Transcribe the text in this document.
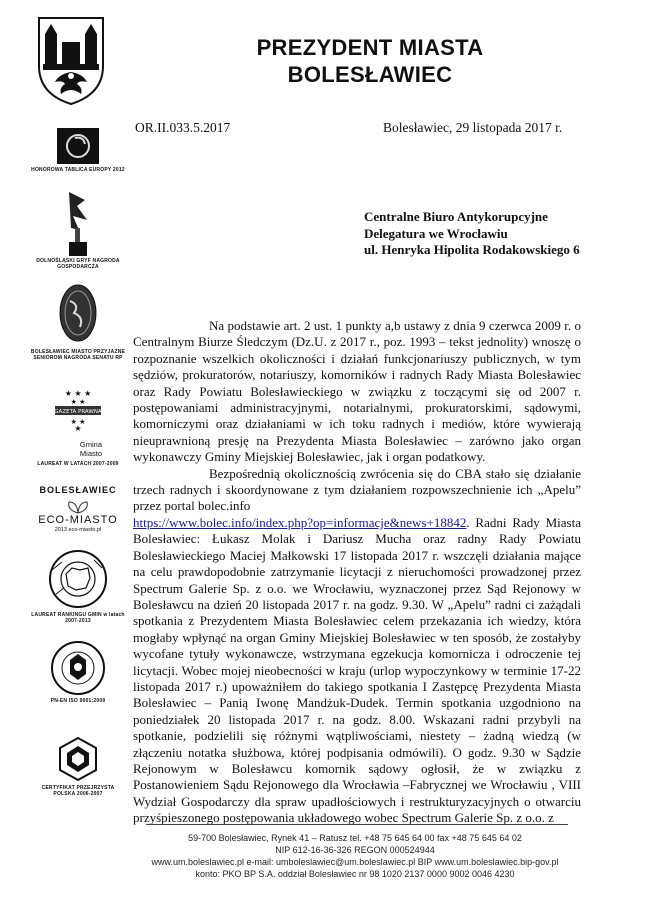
PREZYDENT MIASTA
BOLESŁAWIEC
OR.II.033.5.2017	Bolesławiec, 29 listopada 2017 r.
HONOROWA TABLICA EUROPY 2012
DOLNOŚLĄSKI GRYF NAGRODA GOSPODARCZA
BOLESŁAWIEC MIASTO PRZYJAZNE SENIOROM NAGRODA SENATU RP
★ ★ ★
★ ★
GAZETA PRAWNA
★ ★
★
Gmina
Miasto
LAUREAT W LATACH 2007-2009
BOLESŁAWIEC
ECO-MIASTO
2013 eco-miasto.pl
LAUREAT RANKINGU GMIN w latach 2007-2013
PN-EN ISO 9001:2009
CERTYFIKAT PRZEJRZYSTA POLSKA 2006-2007
Centralne Biuro Antykorupcyjne
Delegatura we Wrocławiu
ul. Henryka Hipolita Rodakowskiego 6

Na podstawie art. 2 ust. 1 punkty a,b ustawy z dnia 9 czerwca 2009 r. o Centralnym Biurze Śledczym (Dz.U. z 2017 r., poz. 1993 – tekst jednolity) wnoszę o rozpoznanie wszelkich okoliczności i działań funkcjonariuszy publicznych, w tym sędziów, prokuratorów, notariuszy, komorników i radnych Rady Miasta Bolesławiec oraz Rady Powiatu Bolesławieckiego w związku z toczącymi się od 2007 r. postępowaniami administracyjnymi, notarialnymi, prokuratorskimi, sądowymi, komorniczymi oraz działaniami w ich toku radnych i mediów, które wywierają nieuprawnioną presję na Prezydenta Miasta Bolesławiec – zarówno jako organ wykonawczy Gminy Miejskiej Bolesławiec, jak i organ podatkowy.

Bezpośrednią okolicznością zwrócenia się do CBA stało się działanie trzech radnych i skoordynowane z tym działaniem rozpowszechnienie ich „Apelu” przez portal bolec.info

https://www.bolec.info/index.php?op=informacje&news+18842. Radni Rady Miasta Bolesławiec: Łukasz Molak i Dariusz Mucha oraz radny Rady Powiatu Bolesławieckiego Maciej Małkowski 17 listopada 2017 r. wszczęli działania mające na celu prawdopodobnie zatrzymanie licytacji z nieruchomości prowadzonej przez Spectrum Galerie Sp. z o.o. we Wrocławiu, wyznaczonej przez Sąd Rejonowy w Bolesławcu na dzień 20 listopada 2017 r. na godz. 9.30. W „Apelu” radni ci zażądali spotkania z Prezydentem Miasta Bolesławiec celem przekazania ich wiedzy, która mogłaby wpłynąć na organ Gminy Miejskiej Bolesławiec w ten sposób, że zostałyby wycofane tytuły wykonawcze, wstrzymana egzekucja komornicza i odroczenie tej licytacji. Wobec mojej nieobecności w kraju (urlop wypoczynkowy w terminie 17-22 listopada 2017 r.) upoważniłem do takiego spotkania I Zastępcę Prezydenta Miasta Bolesławiec – Panią Iwonę Mandżuk-Dudek. Termin spotkania uzgodniono na poniedziałek 20 listopada 2017 r. na godz. 8.00. Wskazani radni przybyli na spotkanie, podzielili się różnymi wątpliwościami, niestety – żadną wiedzą (w złączeniu notatka służbowa, której podpisania odmówili). O godz. 9.30 w Sądzie Rejonowym w Bolesławcu komornik sądowy ogłosił, że w związku z Postanowieniem Sądu Rejonowego dla Wrocławia –Fabrycznej we Wrocławiu , VIII Wydział Gospodarczy dla spraw upadłościowych i restrukturyzacyjnych o otwarciu przyśpieszonego postępowania układowego wobec Spectrum Galerie Sp. z o.o. z

59-700 Bolesławiec, Rynek 41 – Ratusz tel. +48 75 645 64 00 fax +48 75 645 64 02
NIP 612-16-36-326 REGON 000524944
www.um.boleslawiec.pl e-mail: umboleslawiec@um.boleslawiec.pl BIP www.um.boleslawiec.bip-gov.pl
konto: PKO BP S.A. oddział Bolesławiec nr 98 1020 2137 0000 9002 0046 4230
